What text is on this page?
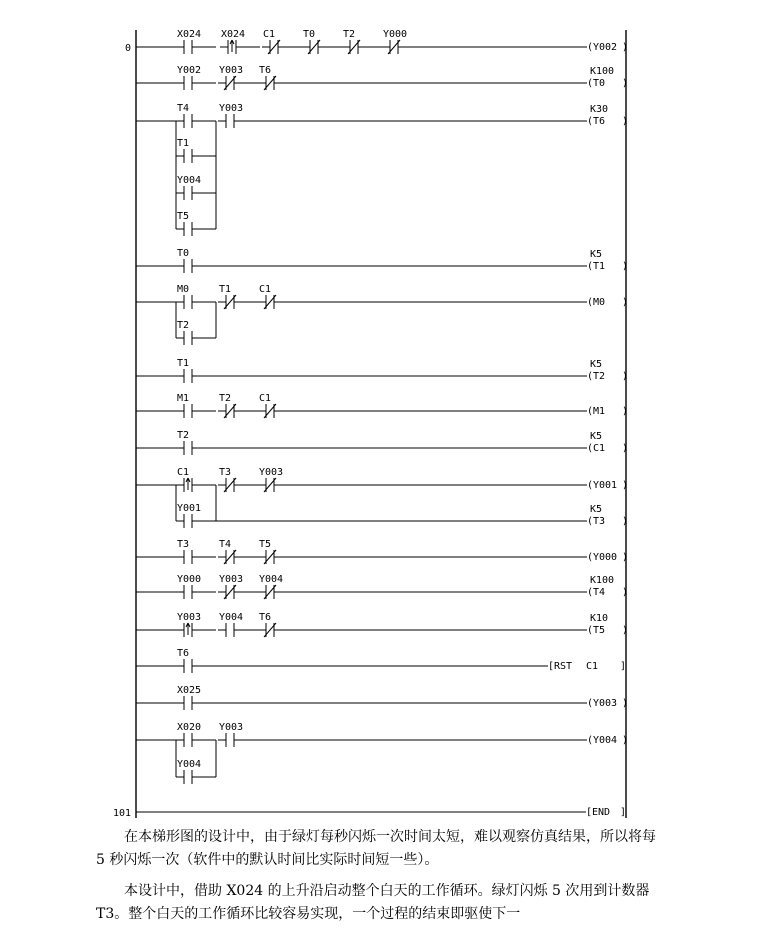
0
101
X024 X024 C1	T0	T2	Y000
(	)
Y002
Y002 Y003 T6
(	)
K100
T0
T4	Y003
(	)
K30
T6
T1
Y004
T5
T0
(	)
K5
T1
M0	T1	C1
(	)
M0
T2
T1
(	)
K5
T2
M1	T2	C1
(	)
M1
T2
(	)
K5
C1
C1	T3	Y003
(	)
Y001
Y001
(	)
K5
T3
T3	T4	T5
(	)
Y000
Y000 Y003 Y004
(	)
K100
T4
Y003 Y004 T6
(	)
K10
T5
T6
[RST C1 ]
X025
(	)
Y003
X020 Y003
(	)
Y004
Y004
[END ]

在本梯形图的设计中，由于绿灯每秒闪烁一次时间太短，难以观察仿真结果，所以将每 5 秒闪烁一次（软件中的默认时间比实际时间短一些）。

本设计中，借助 X024 的上升沿启动整个白天的工作循环。绿灯闪烁 5 次用到计数器 T3。整个白天的工作循环比较容易实现，一个过程的结束即驱使下一
